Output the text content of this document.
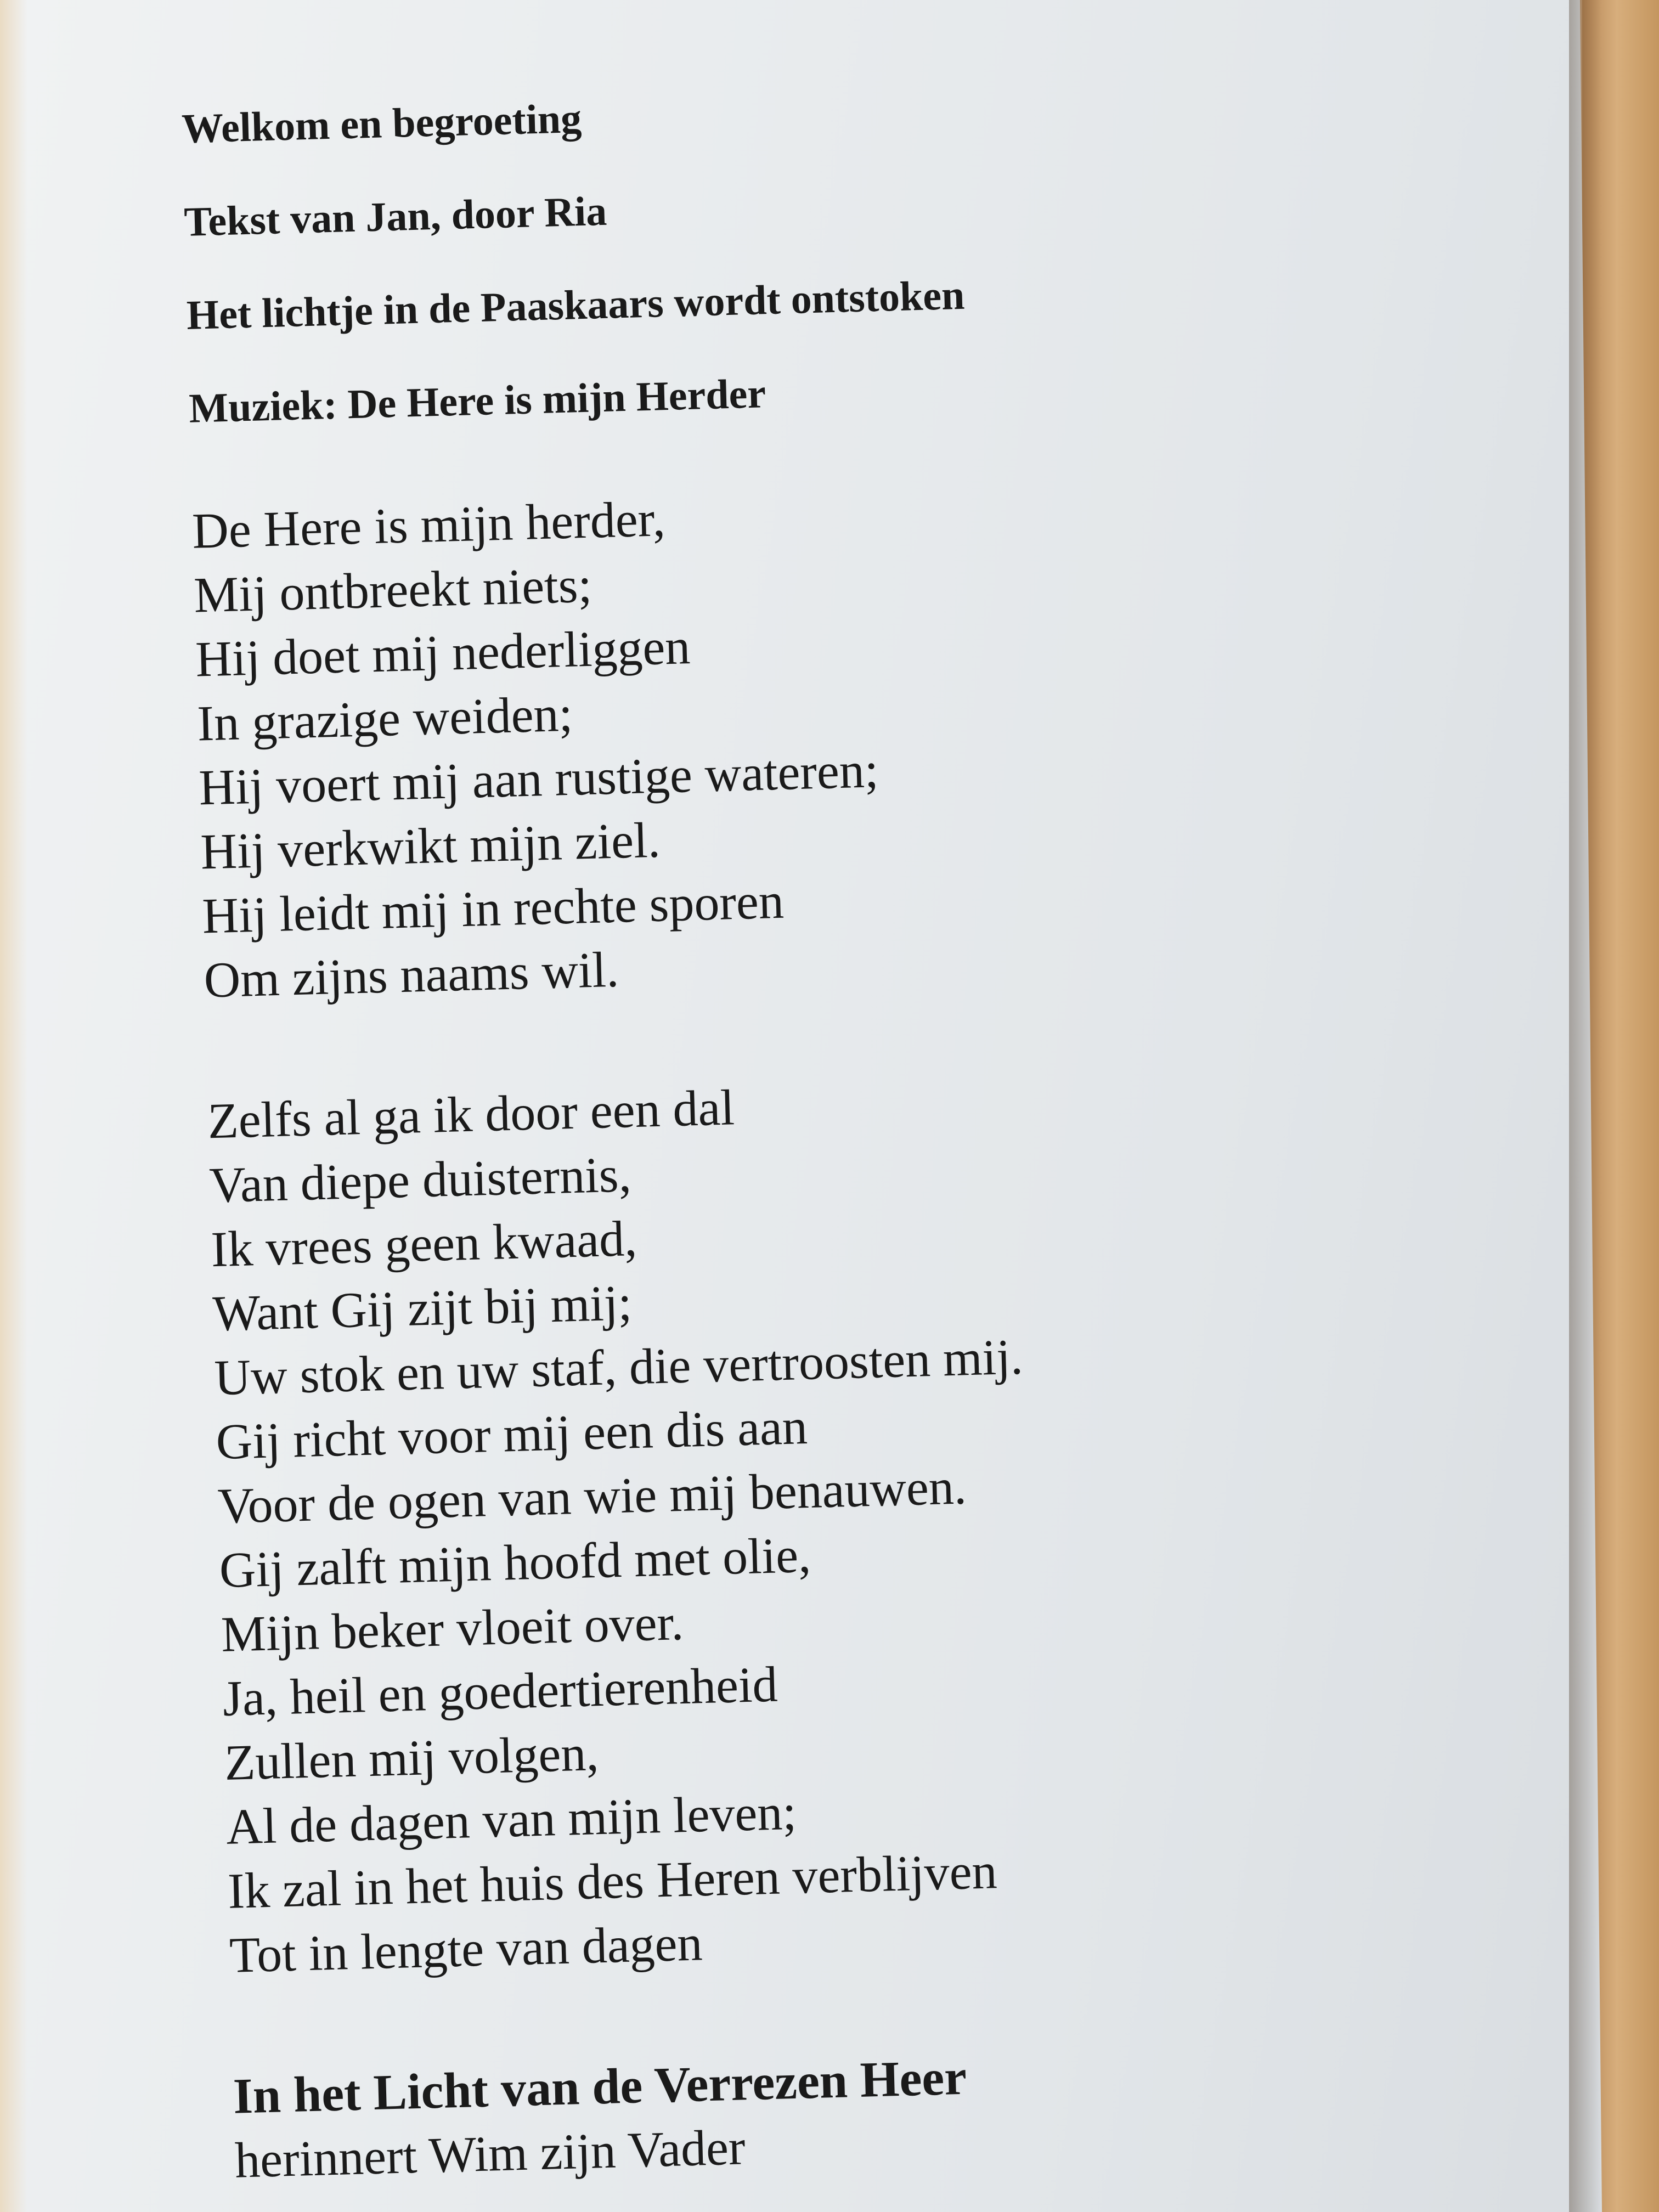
Welkom en begroeting

Tekst van Jan, door Ria

Het lichtje in de Paaskaars wordt ontstoken

Muziek: De Here is mijn Herder

De Here is mijn herder,

Mij ontbreekt niets;

Hij doet mij nederliggen

In grazige weiden;

Hij voert mij aan rustige wateren;

Hij verkwikt mijn ziel.

Hij leidt mij in rechte sporen

Om zijns naams wil.

Zelfs al ga ik door een dal

Van diepe duisternis,

Ik vrees geen kwaad,

Want Gij zijt bij mij;

Uw stok en uw staf, die vertroosten mij.

Gij richt voor mij een dis aan

Voor de ogen van wie mij benauwen.

Gij zalft mijn hoofd met olie,

Mijn beker vloeit over.

Ja, heil en goedertierenheid

Zullen mij volgen,

Al de dagen van mijn leven;

Ik zal in het huis des Heren verblijven

Tot in lengte van dagen

In het Licht van de Verrezen Heer

herinnert Wim zijn Vader
